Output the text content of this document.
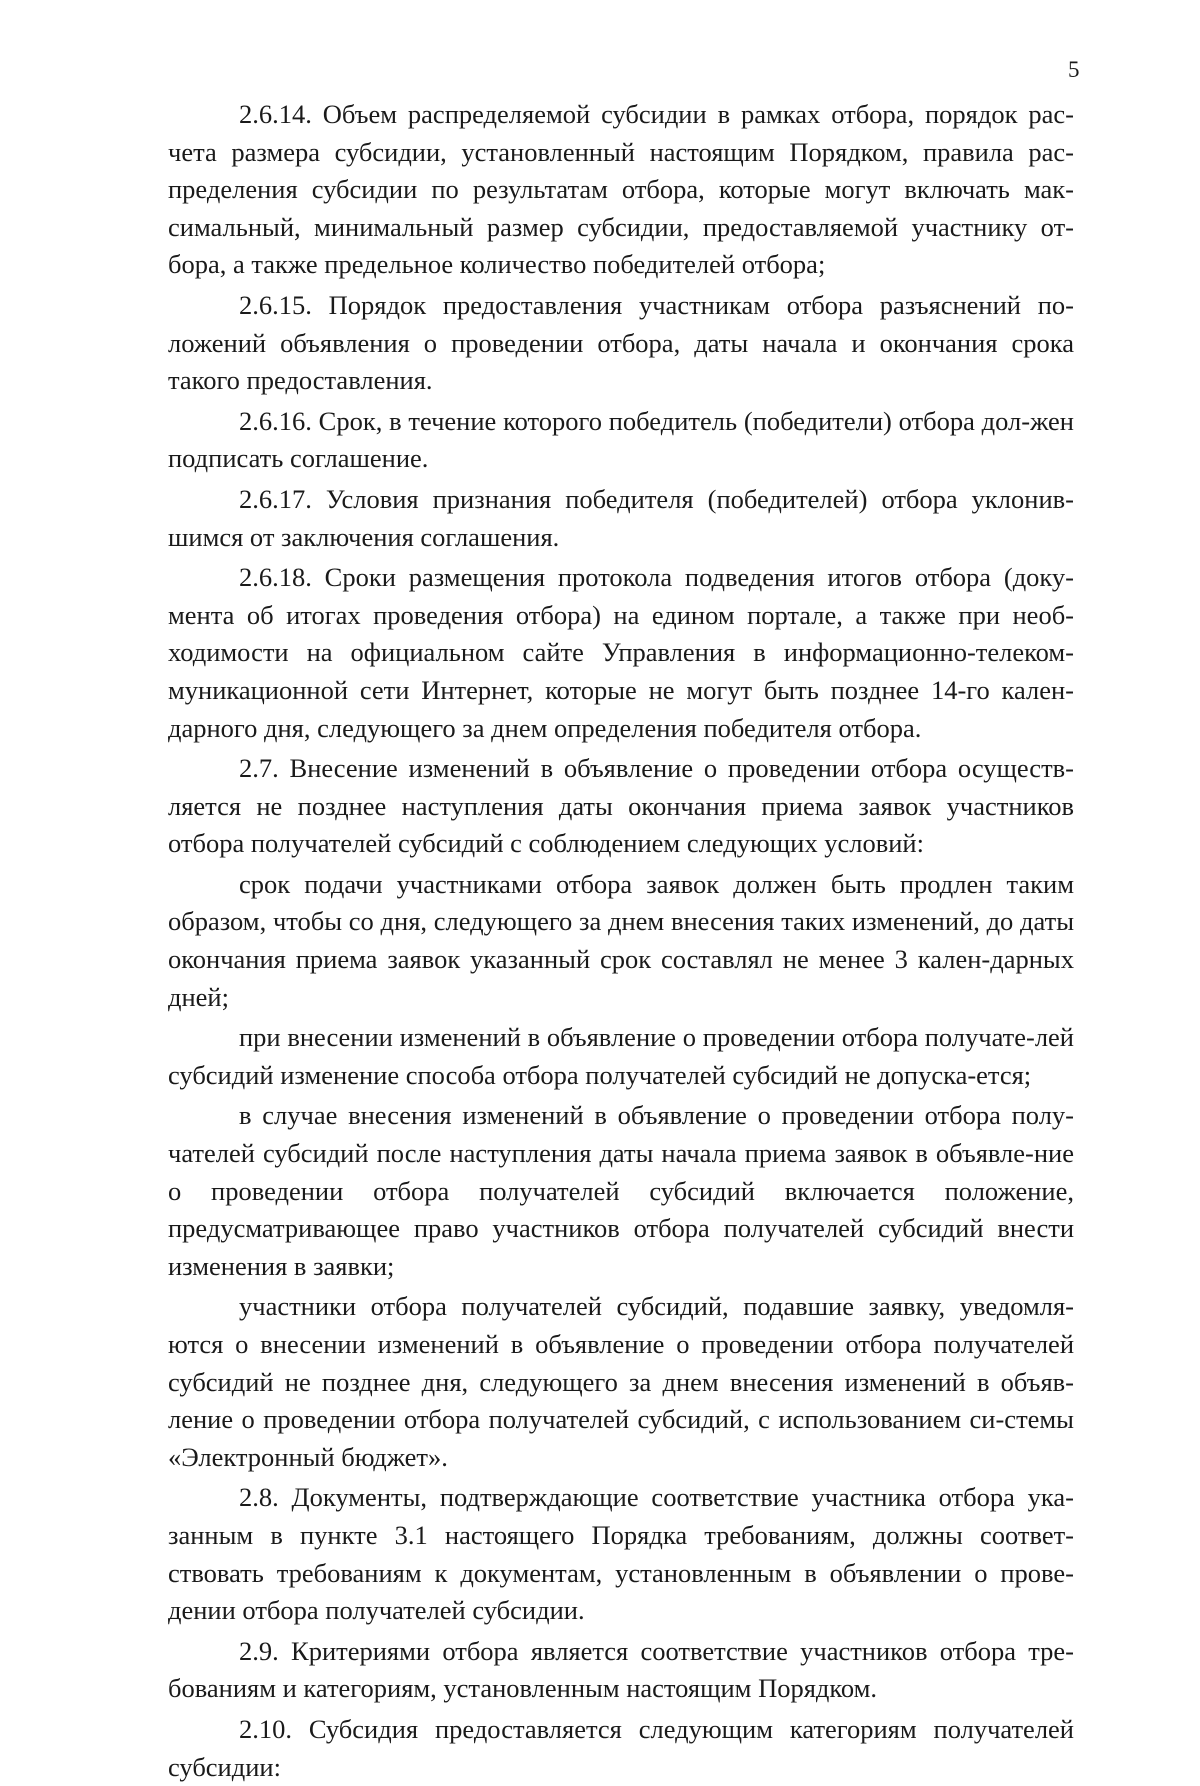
5

2.6.14. Объем распределяемой субсидии в рамках отбора, порядок рас-чета размера субсидии, установленный настоящим Порядком, правила рас-пределения субсидии по результатам отбора, которые могут включать мак-симальный, минимальный размер субсидии, предоставляемой участнику от-бора, а также предельное количество победителей отбора;

2.6.15. Порядок предоставления участникам отбора разъяснений по-ложений объявления о проведении отбора, даты начала и окончания срока такого предоставления.

2.6.16. Срок, в течение которого победитель (победители) отбора дол-жен подписать соглашение.

2.6.17. Условия признания победителя (победителей) отбора уклонив-шимся от заключения соглашения.

2.6.18. Сроки размещения протокола подведения итогов отбора (доку-мента об итогах проведения отбора) на едином портале, а также при необ-ходимости на официальном сайте Управления в информационно-телеком-муникационной сети Интернет, которые не могут быть позднее 14-го кален-дарного дня, следующего за днем определения победителя отбора.

2.7. Внесение изменений в объявление о проведении отбора осуществ-ляется не позднее наступления даты окончания приема заявок участников отбора получателей субсидий с соблюдением следующих условий:

срок подачи участниками отбора заявок должен быть продлен таким образом, чтобы со дня, следующего за днем внесения таких изменений, до даты окончания приема заявок указанный срок составлял не менее 3 кален-дарных дней;

при внесении изменений в объявление о проведении отбора получате-лей субсидий изменение способа отбора получателей субсидий не допуска-ется;

в случае внесения изменений в объявление о проведении отбора полу-чателей субсидий после наступления даты начала приема заявок в объявле-ние о проведении отбора получателей субсидий включается положение, предусматривающее право участников отбора получателей субсидий внести изменения в заявки;

участники отбора получателей субсидий, подавшие заявку, уведомля-ются о внесении изменений в объявление о проведении отбора получателей субсидий не позднее дня, следующего за днем внесения изменений в объяв-ление о проведении отбора получателей субсидий, с использованием си-стемы «Электронный бюджет».

2.8. Документы, подтверждающие соответствие участника отбора ука-занным в пункте 3.1 настоящего Порядка требованиям, должны соответ-ствовать требованиям к документам, установленным в объявлении о прове-дении отбора получателей субсидии.

2.9. Критериями отбора является соответствие участников отбора тре-бованиям и категориям, установленным настоящим Порядком.

2.10. Субсидия предоставляется следующим категориям получателей субсидии:
